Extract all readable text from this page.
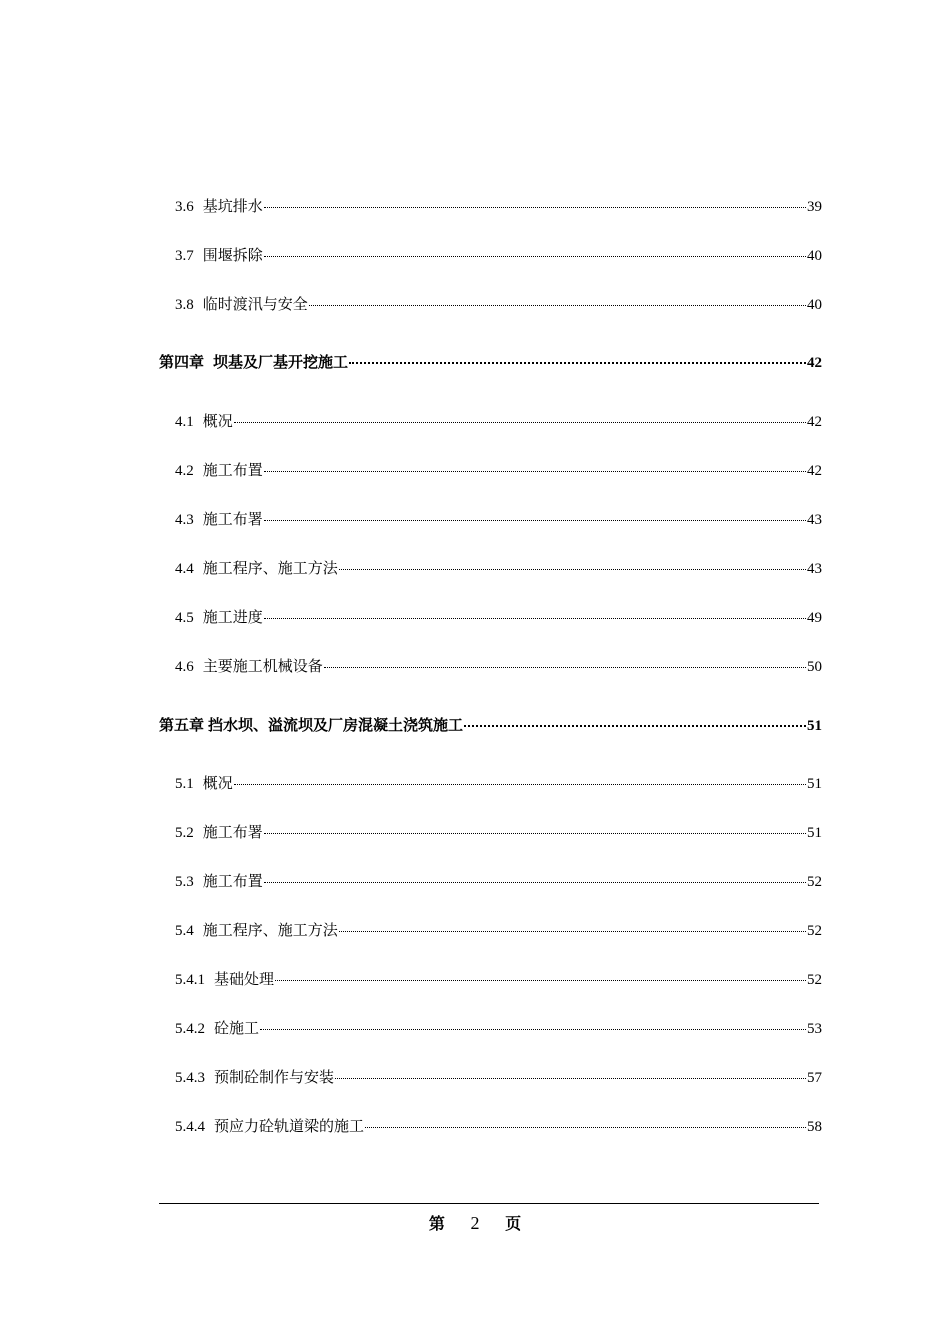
3.6 基坑排水	39
3.7 围堰拆除	40
3.8 临时渡汛与安全	40
第四章 坝基及厂基开挖施工	42
4.1 概况	42
4.2 施工布置	42
4.3 施工布署	43
4.4 施工程序、施工方法	43
4.5 施工进度	49
4.6 主要施工机械设备	50
第五章 挡水坝、溢流坝及厂房混凝土浇筑施工	51
5.1 概况	51
5.2 施工布署	51
5.3 施工布置	52
5.4 施工程序、施工方法	52
5.4.1 基础处理	52
5.4.2 砼施工	53
5.4.3 预制砼制作与安装	57
5.4.4 预应力砼轨道梁的施工	58
第 2 页
